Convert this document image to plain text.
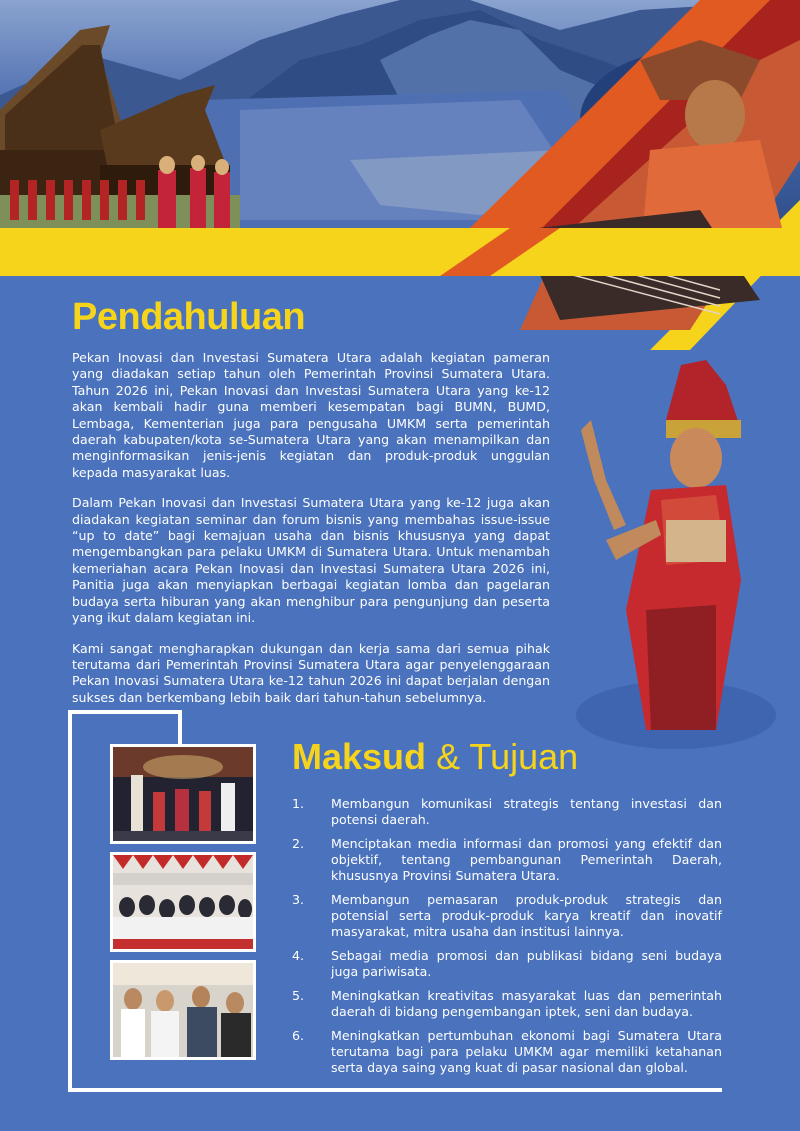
Pendahuluan

Pekan Inovasi dan Investasi Sumatera Utara adalah kegiatan pameran yang diadakan setiap tahun oleh Pemerintah Provinsi Sumatera Utara. Tahun 2026 ini, Pekan Inovasi dan Investasi Sumatera Utara yang ke-12 akan kembali hadir guna memberi kesempatan bagi BUMN, BUMD, Lembaga, Kementerian juga para pengusaha UMKM serta pemerintah daerah kabupaten/kota se-Sumatera Utara yang akan menampilkan dan menginformasikan jenis-jenis kegiatan dan produk-produk unggulan kepada masyarakat luas.

Dalam Pekan Inovasi dan Investasi Sumatera Utara yang ke-12 juga akan diadakan kegiatan seminar dan forum bisnis yang membahas issue-issue “up to date” bagi kemajuan usaha dan bisnis khususnya yang dapat mengembangkan para pelaku UMKM di Sumatera Utara. Untuk menambah kemeriahan acara Pekan Inovasi dan Investasi Sumatera Utara 2026 ini, Panitia juga akan menyiapkan berbagai kegiatan lomba dan pagelaran budaya serta hiburan yang akan menghibur para pengunjung dan peserta yang ikut dalam kegiatan ini.

Kami sangat mengharapkan dukungan dan kerja sama dari semua pihak terutama dari Pemerintah Provinsi Sumatera Utara agar penyelenggaraan Pekan Inovasi Sumatera Utara ke-12 tahun 2026 ini dapat berjalan dengan sukses dan berkembang lebih baik dari tahun-tahun sebelumnya.

Maksud & Tujuan
1. Membangun komunikasi strategis tentang investasi dan potensi daerah.
2. Menciptakan media informasi dan promosi yang efektif dan objektif, tentang pembangunan Pemerintah Daerah, khususnya Provinsi Sumatera Utara.
3. Membangun pemasaran produk-produk strategis dan potensial serta produk-produk karya kreatif dan inovatif masyarakat, mitra usaha dan institusi lainnya.
4. Sebagai media promosi dan publikasi bidang seni budaya juga pariwisata.
5. Meningkatkan kreativitas masyarakat luas dan pemerintah daerah di bidang pengembangan iptek, seni dan budaya.
6. Meningkatkan pertumbuhan ekonomi bagi Sumatera Utara terutama bagi para pelaku UMKM agar memiliki ketahanan serta daya saing yang kuat di pasar nasional dan global.
